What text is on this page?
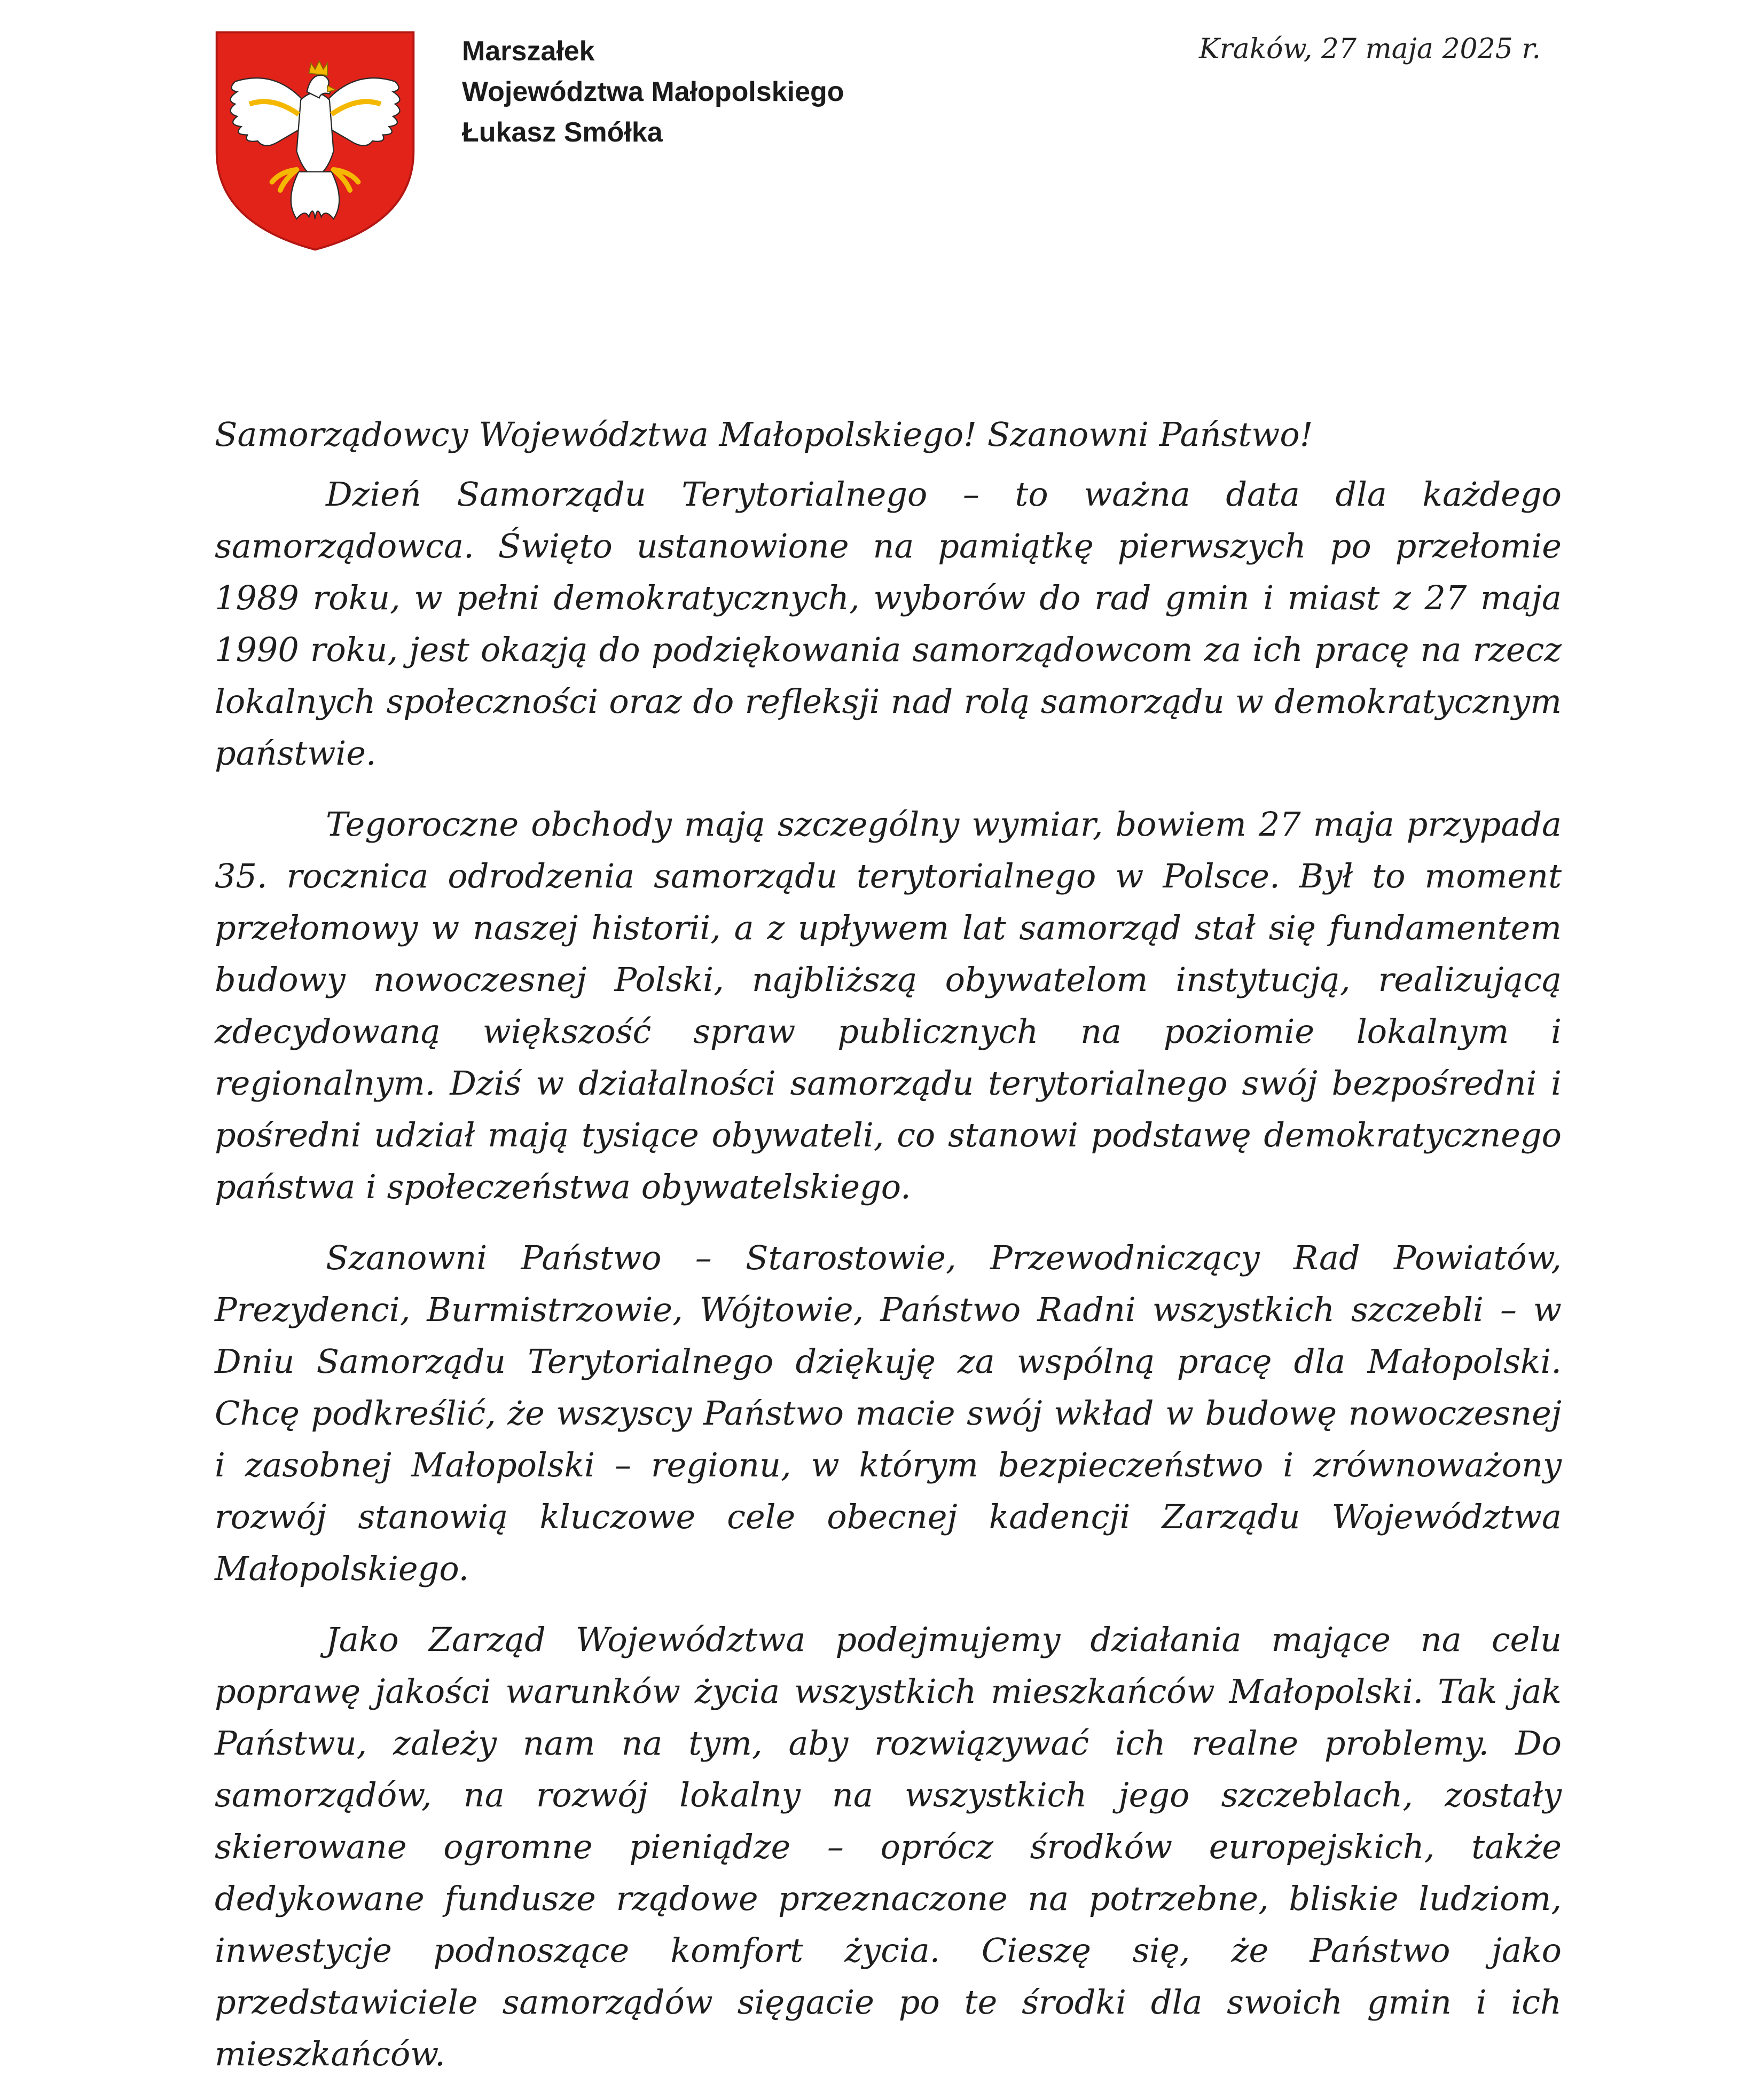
Marszałek
Województwa Małopolskiego
Łukasz Smółka
Kraków, 27 maja 2025 r.

Samorządowcy Województwa Małopolskiego! Szanowni Państwo!

Dzień Samorządu Terytorialnego – to ważna data dla każdego samorządowca. Święto ustanowione na pamiątkę pierwszych po przełomie 1989 roku, w pełni demokratycznych, wyborów do rad gmin i miast z 27 maja 1990 roku, jest okazją do podziękowania samorządowcom za ich pracę na rzecz lokalnych społeczności oraz do refleksji nad rolą samorządu w demokratycznym państwie.

Tegoroczne obchody mają szczególny wymiar, bowiem 27 maja przypada 35. rocznica odrodzenia samorządu terytorialnego w Polsce. Był to moment przełomowy w naszej historii, a z upływem lat samorząd stał się fundamentem budowy nowoczesnej Polski, najbliższą obywatelom instytucją, realizującą zdecydowaną większość spraw publicznych na poziomie lokalnym i regionalnym. Dziś w działalności samorządu terytorialnego swój bezpośredni i pośredni udział mają tysiące obywateli, co stanowi podstawę demokratycznego państwa i społeczeństwa obywatelskiego.

Szanowni Państwo – Starostowie, Przewodniczący Rad Powiatów, Prezydenci, Burmistrzowie, Wójtowie, Państwo Radni wszystkich szczebli – w Dniu Samorządu Terytorialnego dziękuję za wspólną pracę dla Małopolski. Chcę podkreślić, że wszyscy Państwo macie swój wkład w budowę nowoczesnej i zasobnej Małopolski – regionu, w którym bezpieczeństwo i zrównoważony rozwój stanowią kluczowe cele obecnej kadencji Zarządu Województwa Małopolskiego.

Jako Zarząd Województwa podejmujemy działania mające na celu poprawę jakości warunków życia wszystkich mieszkańców Małopolski. Tak jak Państwu, zależy nam na tym, aby rozwiązywać ich realne problemy. Do samorządów, na rozwój lokalny na wszystkich jego szczeblach, zostały skierowane ogromne pieniądze – oprócz środków europejskich, także dedykowane fundusze rządowe przeznaczone na potrzebne, bliskie ludziom, inwestycje podnoszące komfort życia. Cieszę się, że Państwo jako przedstawiciele samorządów sięgacie po te środki dla swoich gmin i ich mieszkańców.
